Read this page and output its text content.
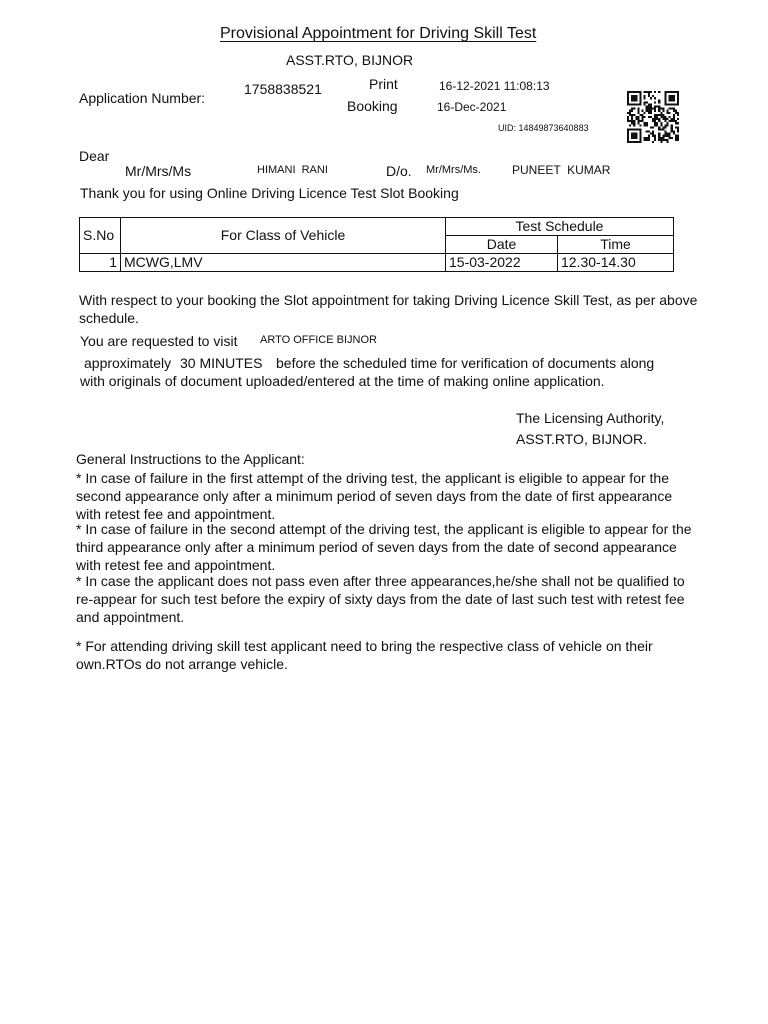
Provisional Appointment for Driving Skill Test
ASST.RTO, BIJNOR
Application Number:
1758838521	Print	16-12-2021 11:08:13
Booking	16-Dec-2021
UID: 14849873640883
Dear
Mr/Mrs/Ms	HIMANI  RANI	D/o. Mr/Mrs/Ms.	PUNEET  KUMAR
Thank you for using Online Driving Licence Test Slot Booking
S.No	For Class of Vehicle	Test Schedule	
		Date	Time
1	MCWG,LMV	15-03-2022	12.30-14.30
With respect to your booking the Slot appointment for taking Driving Licence Skill Test, as per above schedule.
You are requested to visit ARTO OFFICE BIJNOR
approximately 30 MINUTES before the scheduled time for verification of documents along
with originals of document uploaded/entered at the time of making online application.
The Licensing Authority,
ASST.RTO, BIJNOR.
General Instructions to the Applicant:
* In case of failure in the first attempt of the driving test, the applicant is eligible to appear for the second appearance only after a minimum period of seven days from the date of first appearance with retest fee and appointment.
* In case of failure in the second attempt of the driving test, the applicant is eligible to appear for the third appearance only after a minimum period of seven days from the date of second appearance with retest fee and appointment.
* In case the applicant does not pass even after three appearances,he/she shall not be qualified to re-appear for such test before the expiry of sixty days from the date of last such test with retest fee and appointment.
* For attending driving skill test applicant need to bring the respective class of vehicle on their own.RTOs do not arrange vehicle.
